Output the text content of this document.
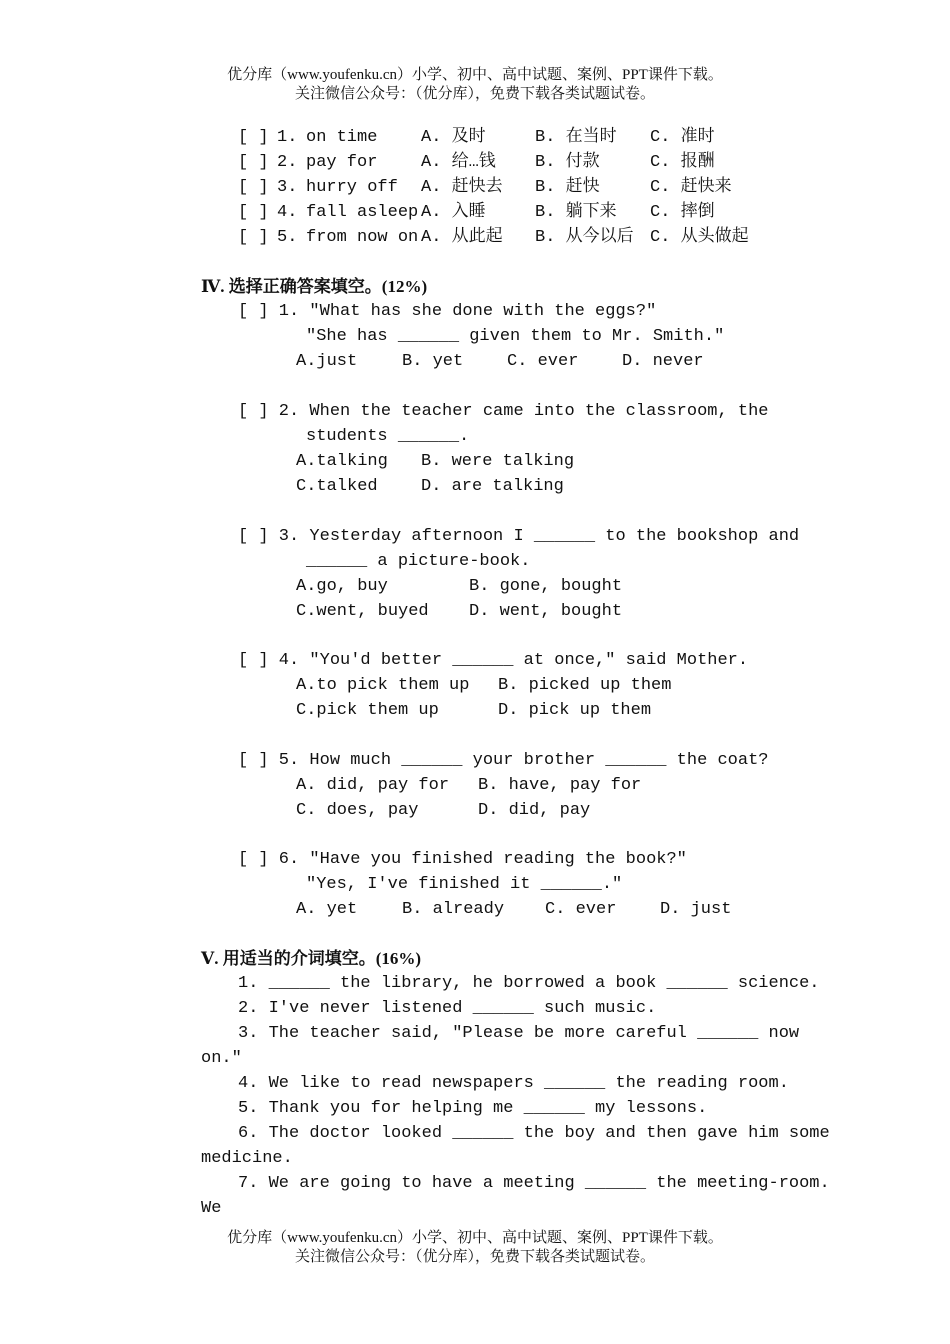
优分库（www.youfenku.cn）小学、初中、高中试题、案例、PPT课件下载。
关注微信公众号：（优分库），免费下载各类试题试卷。
[ ] 1. on time	A. 及时	B. 在当时 C. 准时
[ ] 2. pay for	A. 给…钱 B. 付款	C. 报酬
[ ] 3. hurry off A. 赶快去 B. 赶快	C. 赶快来
[ ] 4. fall asleep A. 入睡	B. 躺下来 C. 摔倒
[ ] 5. from now on A. 从此起 B. 从今以后 C. 从头做起
Ⅳ. 选择正确答案填空。(12%)
[ ] 1. "What has she done with the eggs?"
"She has ______ given them to Mr. Smith."
A.just	B. yet	C. ever	D. never
[ ] 2. When the teacher came into the classroom, the
students ______.
A.talking B. were talking
C.talked	D. are talking
[ ] 3. Yesterday afternoon I ______ to the bookshop and
______ a picture-book.
A.go, buy	B. gone, bought
C.went, buyed D. went, bought
[ ] 4. "You'd better ______ at once," said Mother.
A.to pick them up B. picked up them
C.pick them up	D. pick up them
[ ] 5. How much ______ your brother ______ the coat?
A. did, pay for B. have, pay for
C. does, pay	D. did, pay
[ ] 6. "Have you finished reading the book?"
"Yes, I've finished it ______."
A. yet	B. already C. ever	D. just
Ⅴ. 用适当的介词填空。(16%)
1. ______ the library, he borrowed a book ______ science.
2. I've never listened ______ such music.
3. The teacher said, "Please be more careful ______ now
on."
4. We like to read newspapers ______ the reading room.
5. Thank you for helping me ______ my lessons.
6. The doctor looked ______ the boy and then gave him some
medicine.
7. We are going to have a meeting ______ the meeting-room.
We
优分库（www.youfenku.cn）小学、初中、高中试题、案例、PPT课件下载。
关注微信公众号：（优分库），免费下载各类试题试卷。
